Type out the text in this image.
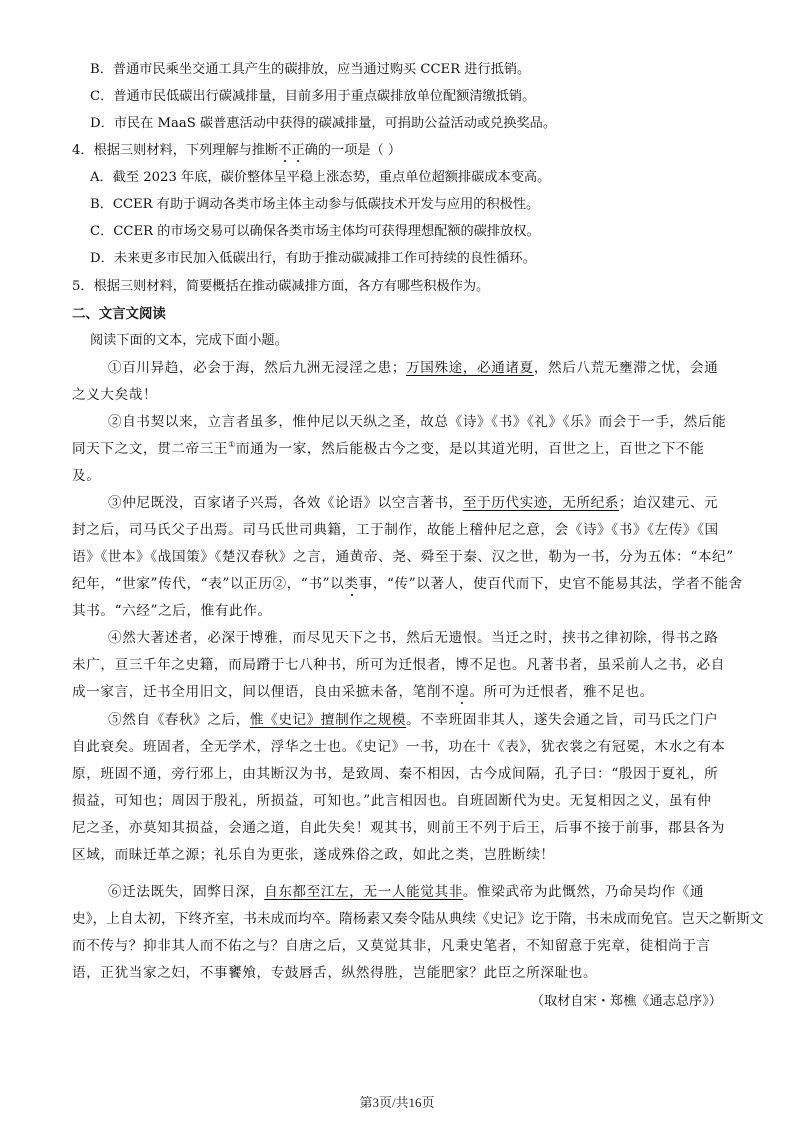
B．普通市民乘坐交通工具产生的碳排放，应当通过购买 CCER 进行抵销。
C．普通市民低碳出行碳减排量，目前多用于重点碳排放单位配额清缴抵销。
D．市民在 MaaS 碳普惠活动中获得的碳减排量，可捐助公益活动或兑换奖品。
4．根据三则材料，下列理解与推断不正确的一项是（ ）
A．截至 2023 年底，碳价整体呈平稳上涨态势，重点单位超额排碳成本变高。
B．CCER 有助于调动各类市场主体主动参与低碳技术开发与应用的积极性。
C．CCER 的市场交易可以确保各类市场主体均可获得理想配额的碳排放权。
D．未来更多市民加入低碳出行，有助于推动碳减排工作可持续的良性循环。
5．根据三则材料，简要概括在推动碳减排方面，各方有哪些积极作为。
二、文言文阅读
阅读下面的文本，完成下面小题。
①百川异趋，必会于海，然后九洲无浸淫之患；万国殊途，必通诸夏，然后八荒无壅滞之忧，会通
之义大矣哉！
②自书契以来，立言者虽多，惟仲尼以天纵之圣，故总《诗》《书》《礼》《乐》而会于一手，然后能
同天下之文，贯二帝三王①而通为一家，然后能极古今之变，是以其道光明，百世之上，百世之下不能
及。
③仲尼既没，百家诸子兴焉，各效《论语》以空言著书，至于历代实迹，无所纪系；迨汉建元、元
封之后，司马氏父子出焉。司马氏世司典籍，工于制作，故能上稽仲尼之意，会《诗》《书》《左传》《国
语》《世本》《战国策》《楚汉春秋》之言，通黄帝、尧、舜至于秦、汉之世，勒为一书，分为五体：“本纪”
纪年，“世家”传代，“表”以正历②，“书”以类事，“传”以著人，使百代而下，史官不能易其法，学者不能舍
其书。“六经”之后，惟有此作。
④然大著述者，必深于博雅，而尽见天下之书，然后无遗恨。当迁之时，挟书之律初除，得书之路
未广，亘三千年之史籍，而局蹐于七八种书，所可为迁恨者，博不足也。凡著书者，虽采前人之书，必自
成一家言，迁书全用旧文，间以俚语，良由采摭未备，笔削不遑。所可为迁恨者，雅不足也。
⑤然自《春秋》之后，惟《史记》擅制作之规模。不幸班固非其人，遂失会通之旨，司马氏之门户
自此衰矣。班固者，全无学术，浮华之士也。《史记》一书，功在十《表》，犹衣裳之有冠冕，木水之有本
原，班固不通，旁行邪上，由其断汉为书，是致周、秦不相因，古今成间隔，孔子曰：“殷因于夏礼，所
损益，可知也；周因于殷礼，所损益，可知也。”此言相因也。自班固断代为史。无复相因之义，虽有仲
尼之圣，亦莫知其损益，会通之道，自此失矣！观其书，则前王不列于后王，后事不接于前事，郡县各为
区域，而昧迁革之源；礼乐自为更张，遂成殊俗之政，如此之类，岂胜断续！
⑥迁法既失，固弊日深，自东都至江左，无一人能觉其非。惟梁武帝为此慨然，乃命吴均作《通
史》，上自太初，下终齐室，书未成而均卒。隋杨素又奏令陆从典续《史记》讫于隋，书未成而免官。岂天之靳斯文
而不传与？抑非其人而不佑之与？自唐之后，又莫觉其非，凡秉史笔者，不知留意于宪章，徒相尚于言
语，正犹当家之妇，不事饔飧，专鼓唇舌，纵然得胜，岂能肥家？此臣之所深耻也。
（取材自宋・郑樵《通志总序》）
第3页/共16页
